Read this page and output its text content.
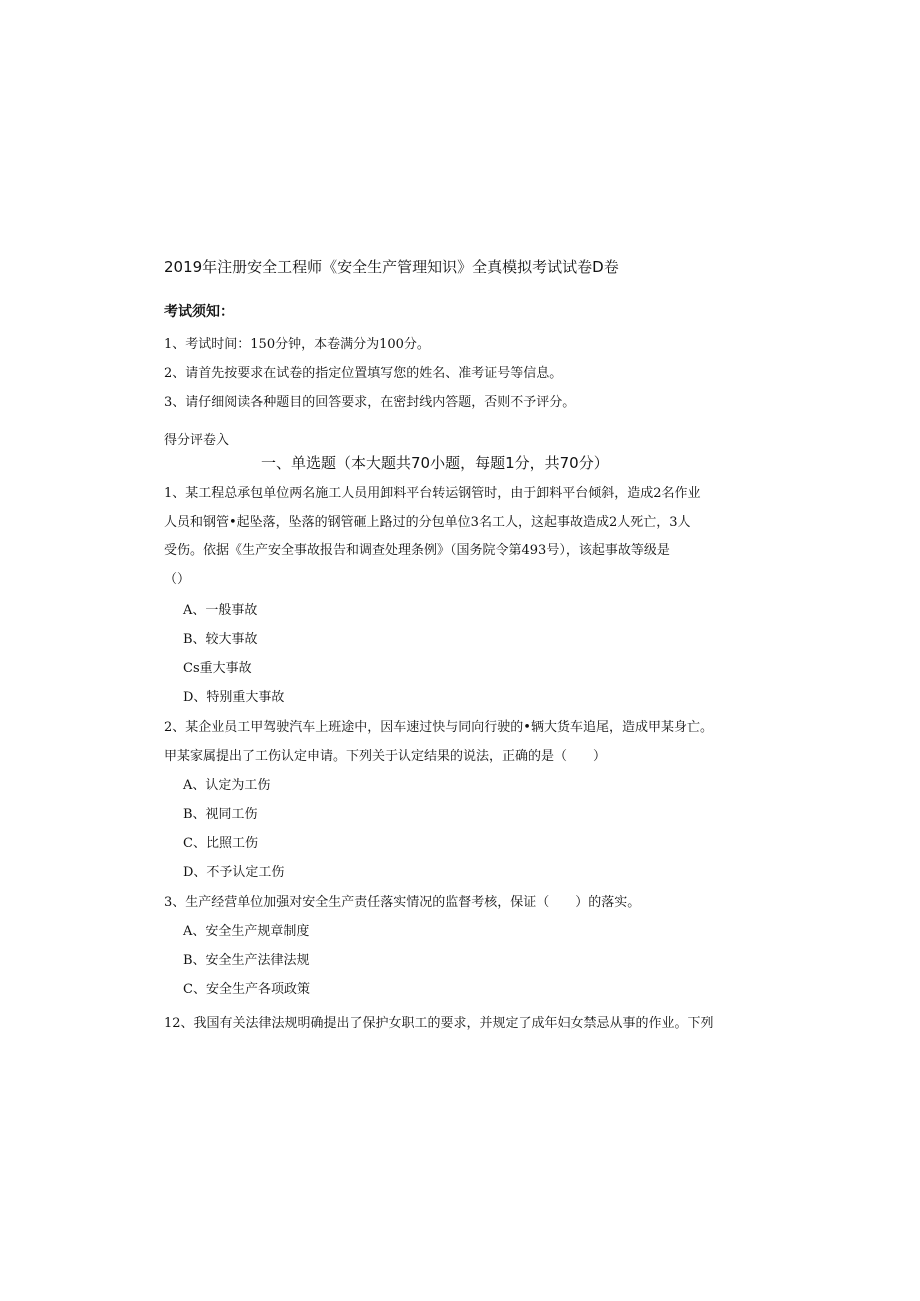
2019年注册安全工程师《安全生产管理知识》全真模拟考试试卷D卷
考试须知：
1、考试时间：150分钟，本卷满分为100分。
2、请首先按要求在试卷的指定位置填写您的姓名、准考证号等信息。
3、请仔细阅读各种题目的回答要求，在密封线内答题，否则不予评分。
得分评卷入
一、单选题（本大题共70小题，每题1分，共70分）
1、某工程总承包单位两名施工人员用卸料平台转运钢管时，由于卸料平台倾斜，造成2名作业
人员和钢管•起坠落，坠落的钢管砸上路过的分包单位3名工人，这起事故造成2人死亡，3人
受伤。依据《生产安全事故报告和调查处理条例》（国务院令第493号），该起事故等级是
（）
A、一般事故
B、较大事故
Cs重大事故
D、特别重大事故
2、某企业员工甲驾驶汽车上班途中，因车速过快与同向行驶的•辆大货车追尾，造成甲某身亡。
甲某家属提出了工伤认定申请。下列关于认定结果的说法，正确的是（　　）
A、认定为工伤
B、视同工伤
C、比照工伤
D、不予认定工伤
3、生产经营单位加强对安全生产责任落实情况的监督考核，保证（　　）的落实。
A、安全生产规章制度
B、安全生产法律法规
C、安全生产各项政策
12、我国有关法律法规明确提出了保护女职工的要求，并规定了成年妇女禁忌从事的作业。下列
